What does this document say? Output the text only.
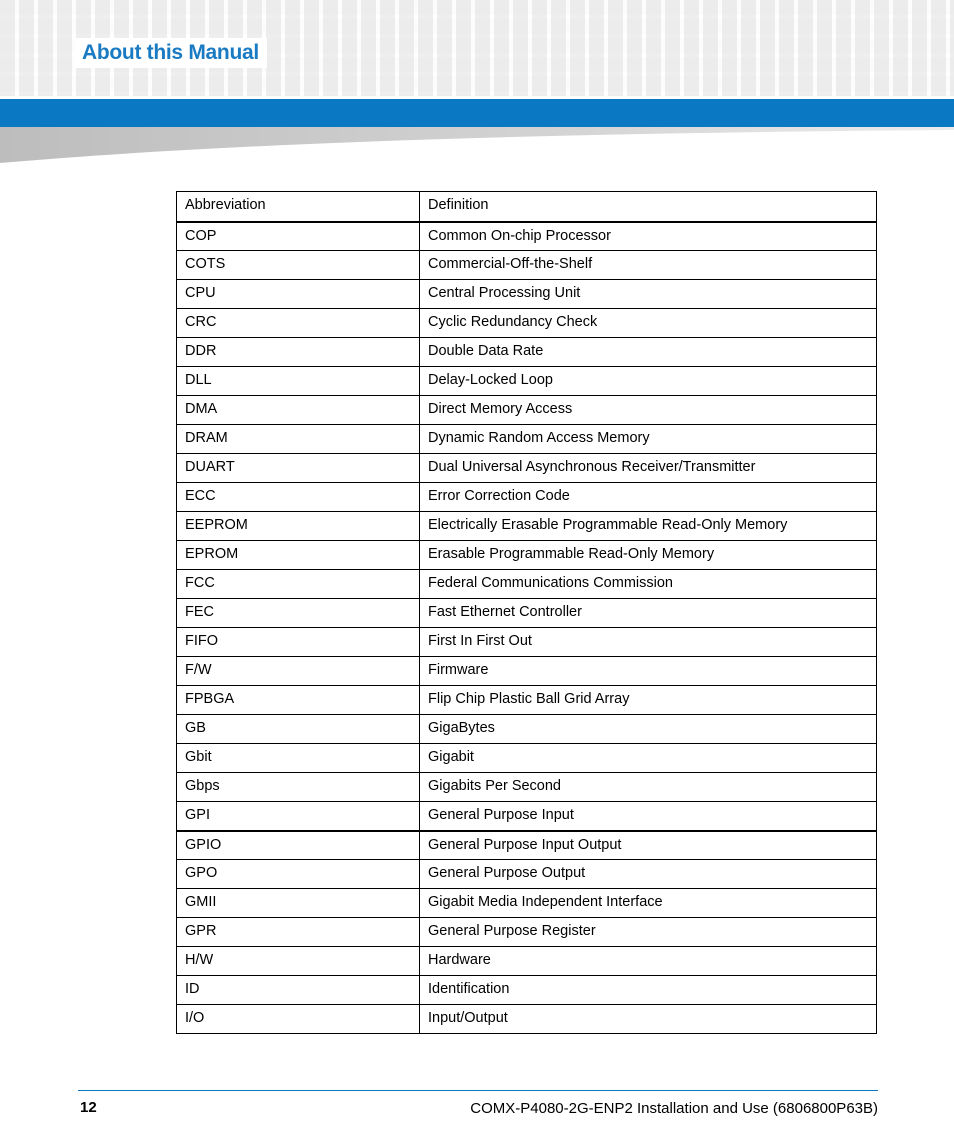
About this Manual
Abbreviation	Definition
COP	Common On-chip Processor
COTS	Commercial-Off-the-Shelf
CPU	Central Processing Unit
CRC	Cyclic Redundancy Check
DDR	Double Data Rate
DLL	Delay-Locked Loop
DMA	Direct Memory Access
DRAM	Dynamic Random Access Memory
DUART	Dual Universal Asynchronous Receiver/Transmitter
ECC	Error Correction Code
EEPROM	Electrically Erasable Programmable Read-Only Memory
EPROM	Erasable Programmable Read-Only Memory
FCC	Federal Communications Commission
FEC	Fast Ethernet Controller
FIFO	First In First Out
F/W	Firmware
FPBGA	Flip Chip Plastic Ball Grid Array
GB	GigaBytes
Gbit	Gigabit
Gbps	Gigabits Per Second
GPI	General Purpose Input
GPIO	General Purpose Input Output
GPO	General Purpose Output
GMII	Gigabit Media Independent Interface
GPR	General Purpose Register
H/W	Hardware
ID	Identification
I/O	Input/Output
12	COMX-P4080-2G-ENP2 Installation and Use (6806800P63B)
